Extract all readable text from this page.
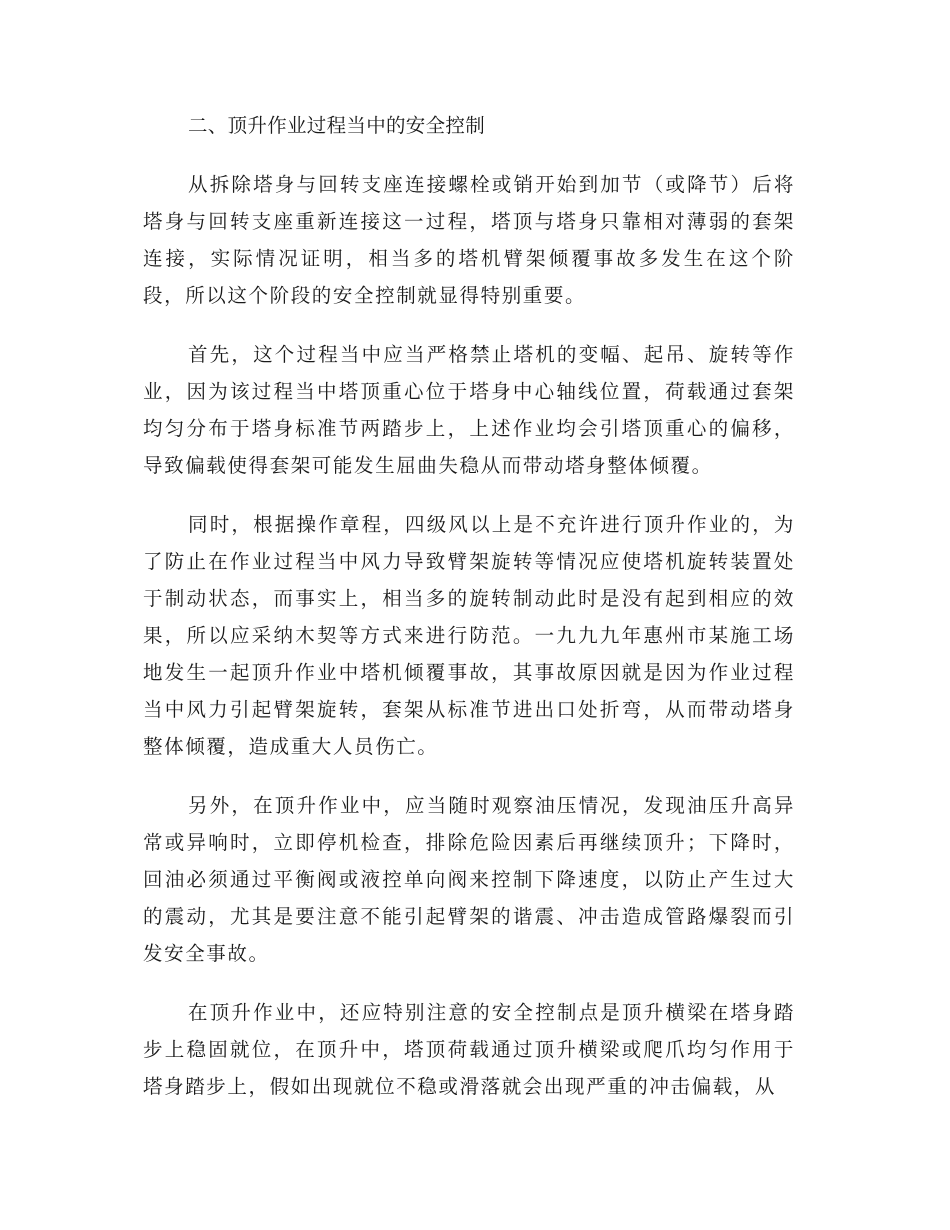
二、顶升作业过程当中的安全控制

从拆除塔身与回转支座连接螺栓或销开始到加节（或降节）后将塔身与回转支座重新连接这一过程，塔顶与塔身只靠相对薄弱的套架连接，实际情况证明，相当多的塔机臂架倾覆事故多发生在这个阶段，所以这个阶段的安全控制就显得特别重要。

首先，这个过程当中应当严格禁止塔机的变幅、起吊、旋转等作业，因为该过程当中塔顶重心位于塔身中心轴线位置，荷载通过套架均匀分布于塔身标准节两踏步上，上述作业均会引塔顶重心的偏移，导致偏载使得套架可能发生屈曲失稳从而带动塔身整体倾覆。

同时，根据操作章程，四级风以上是不充许进行顶升作业的，为了防止在作业过程当中风力导致臂架旋转等情况应使塔机旋转装置处于制动状态，而事实上，相当多的旋转制动此时是没有起到相应的效果，所以应采纳木契等方式来进行防范。一九九九年惠州市某施工场地发生一起顶升作业中塔机倾覆事故，其事故原因就是因为作业过程当中风力引起臂架旋转，套架从标准节进出口处折弯，从而带动塔身整体倾覆，造成重大人员伤亡。

另外，在顶升作业中，应当随时观察油压情况，发现油压升高异常或异响时，立即停机检查，排除危险因素后再继续顶升；下降时，回油必须通过平衡阀或液控单向阀来控制下降速度，以防止产生过大的震动，尤其是要注意不能引起臂架的谐震、冲击造成管路爆裂而引发安全事故。

在顶升作业中，还应特别注意的安全控制点是顶升横梁在塔身踏步上稳固就位，在顶升中，塔顶荷载通过顶升横梁或爬爪均匀作用于塔身踏步上，假如出现就位不稳或滑落就会出现严重的冲击偏载，从
